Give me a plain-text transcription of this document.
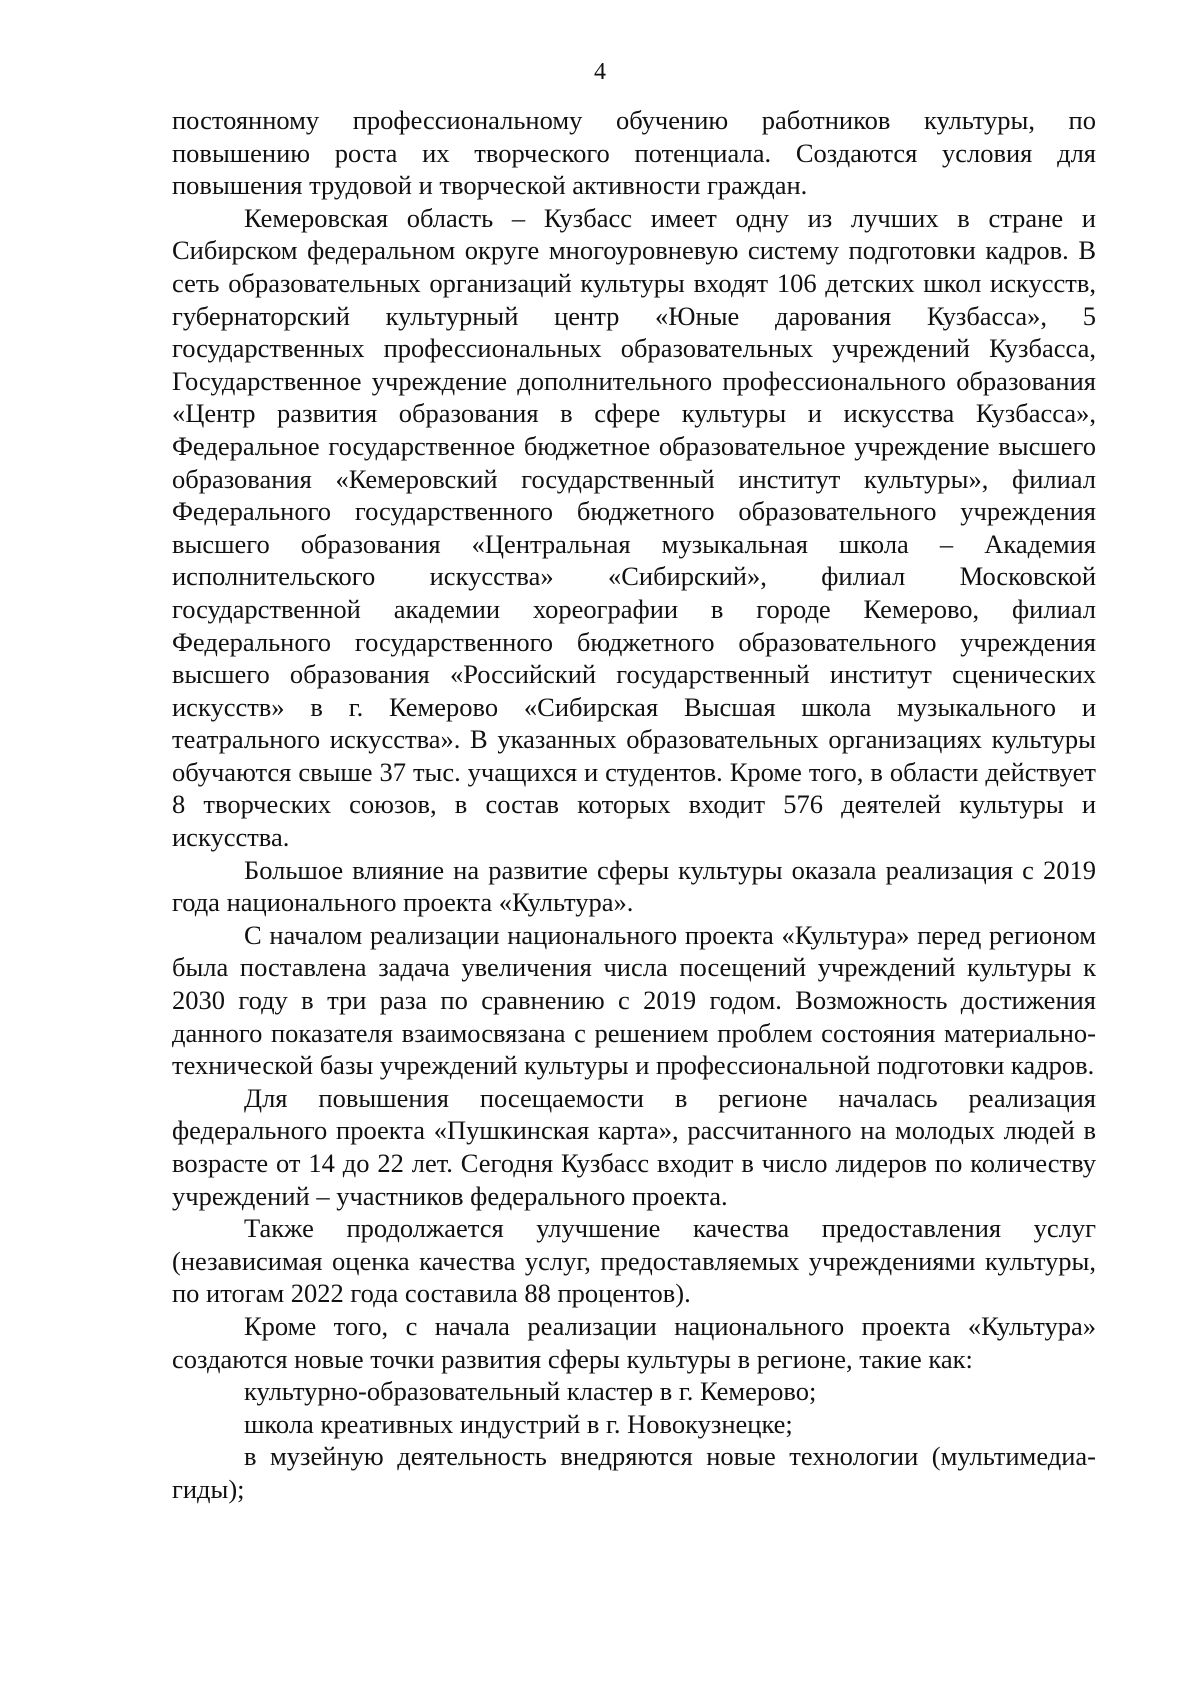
4

постоянному профессиональному обучению работников культуры, по повышению роста их творческого потенциала. Создаются условия для повышения трудовой и творческой активности граждан.

Кемеровская область – Кузбасс имеет одну из лучших в стране и Сибирском федеральном округе многоуровневую систему подготовки кадров. В сеть образовательных организаций культуры входят 106 детских школ искусств, губернаторский культурный центр «Юные дарования Кузбасса», 5 государственных профессиональных образовательных учреждений Кузбасса, Государственное учреждение дополнительного профессионального образования «Центр развития образования в сфере культуры и искусства Кузбасса», Федеральное государственное бюджетное образовательное учреждение высшего образования «Кемеровский государственный институт культуры», филиал Федерального государственного бюджетного образовательного учреждения высшего образования «Центральная музыкальная школа – Академия исполнительского искусства» «Сибирский», филиал Московской государственной академии хореографии в городе Кемерово, филиал Федерального государственного бюджетного образовательного учреждения высшего образования «Российский государственный институт сценических искусств» в г. Кемерово «Сибирская Высшая школа музыкального и театрального искусства». В указанных образовательных организациях культуры обучаются свыше 37 тыс. учащихся и студентов. Кроме того, в области действует 8 творческих союзов, в состав которых входит 576 деятелей культуры и искусства.

Большое влияние на развитие сферы культуры оказала реализация с 2019 года национального проекта «Культура».

С началом реализации национального проекта «Культура» перед регионом была поставлена задача увеличения числа посещений учреждений культуры к 2030 году в три раза по сравнению с 2019 годом. Возможность достижения данного показателя взаимосвязана с решением проблем состояния материально-технической базы учреждений культуры и профессиональной подготовки кадров.

Для повышения посещаемости в регионе началась реализация федерального проекта «Пушкинская карта», рассчитанного на молодых людей в возрасте от 14 до 22 лет. Сегодня Кузбасс входит в число лидеров по количеству учреждений – участников федерального проекта.

Также продолжается улучшение качества предоставления услуг (независимая оценка качества услуг, предоставляемых учреждениями культуры, по итогам 2022 года составила 88 процентов).

Кроме того, с начала реализации национального проекта «Культура» создаются новые точки развития сферы культуры в регионе, такие как:

культурно-образовательный кластер в г. Кемерово;

школа креативных индустрий в г. Новокузнецке;

в музейную деятельность внедряются новые технологии (мультимедиа-гиды);
